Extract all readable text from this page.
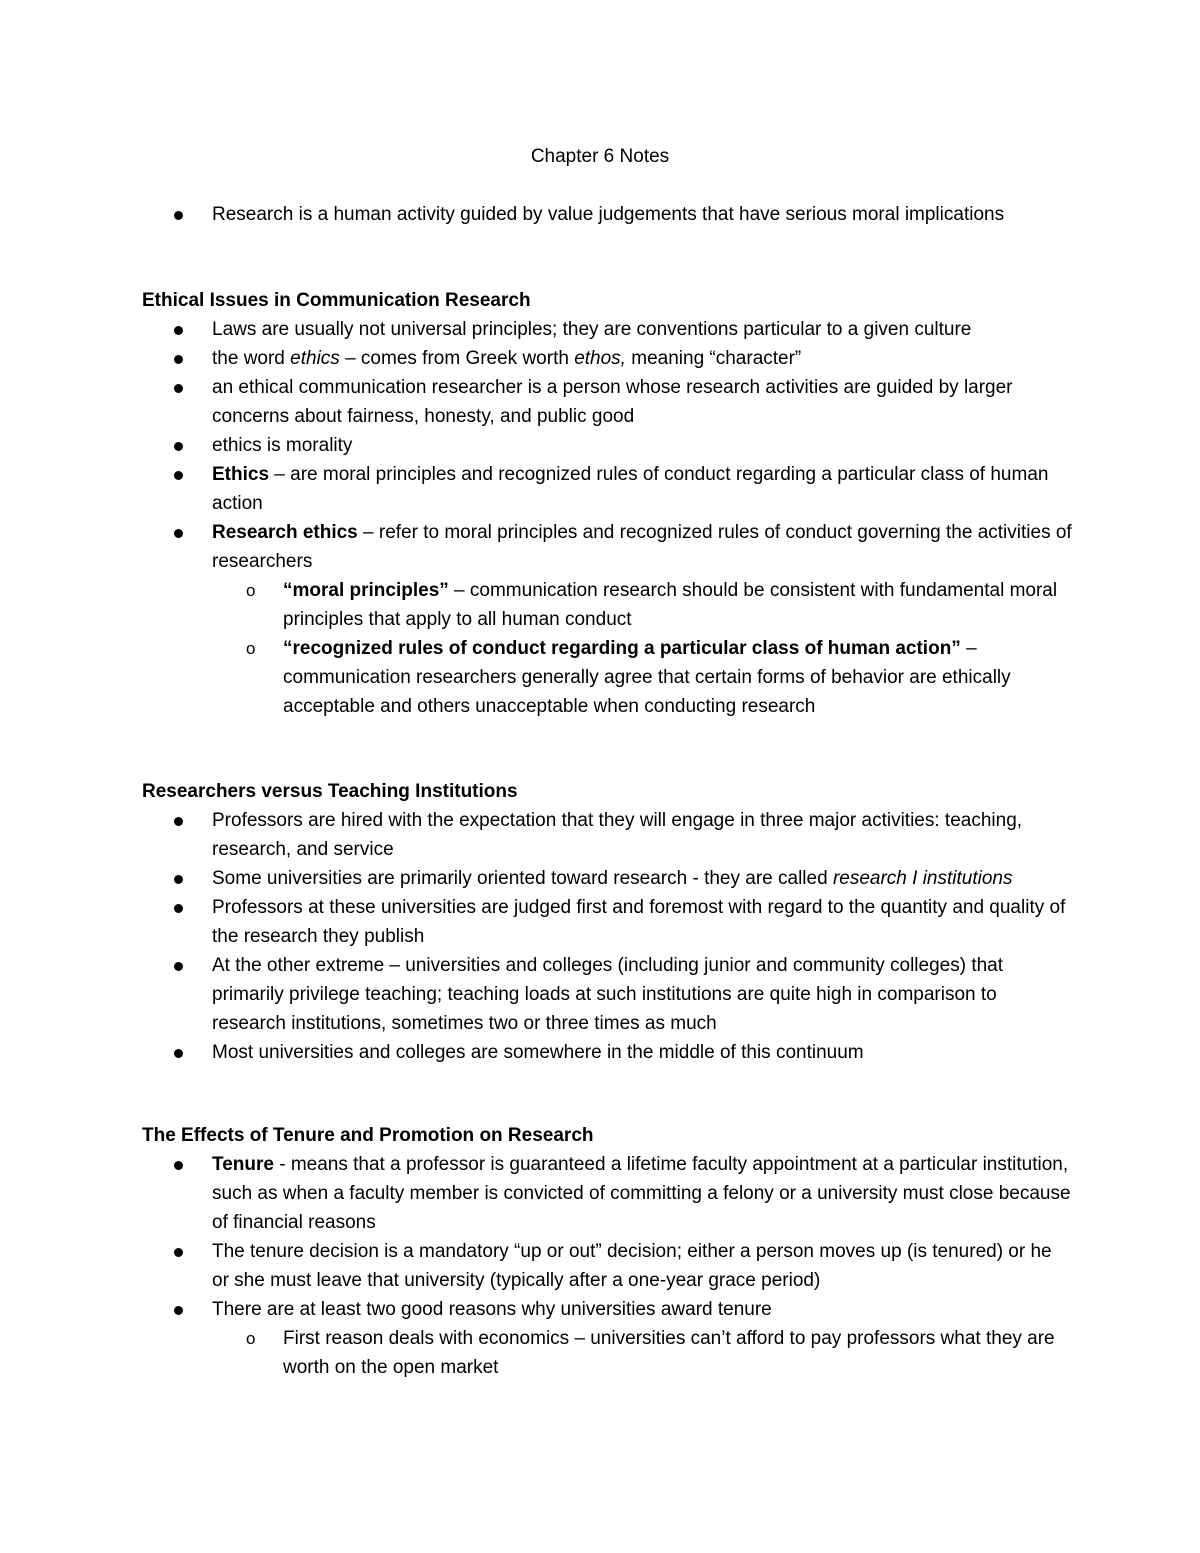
Chapter 6 Notes
Research is a human activity guided by value judgements that have serious moral implications
Ethical Issues in Communication Research
Laws are usually not universal principles; they are conventions particular to a given culture
the word ethics – comes from Greek worth ethos, meaning “character”
an ethical communication researcher is a person whose research activities are guided by larger concerns about fairness, honesty, and public good
ethics is morality
Ethics – are moral principles and recognized rules of conduct regarding a particular class of human action
Research ethics – refer to moral principles and recognized rules of conduct governing the activities of researchers
o “moral principles” – communication research should be consistent with fundamental moral principles that apply to all human conduct
o “recognized rules of conduct regarding a particular class of human action” – communication researchers generally agree that certain forms of behavior are ethically acceptable and others unacceptable when conducting research
Researchers versus Teaching Institutions
Professors are hired with the expectation that they will engage in three major activities: teaching, research, and service
Some universities are primarily oriented toward research - they are called research I institutions
Professors at these universities are judged first and foremost with regard to the quantity and quality of the research they publish
At the other extreme – universities and colleges (including junior and community colleges) that primarily privilege teaching; teaching loads at such institutions are quite high in comparison to research institutions, sometimes two or three times as much
Most universities and colleges are somewhere in the middle of this continuum
The Effects of Tenure and Promotion on Research
Tenure - means that a professor is guaranteed a lifetime faculty appointment at a particular institution, such as when a faculty member is convicted of committing a felony or a university must close because of financial reasons
The tenure decision is a mandatory “up or out” decision; either a person moves up (is tenured) or he or she must leave that university (typically after a one-year grace period)
There are at least two good reasons why universities award tenure
o First reason deals with economics – universities can’t afford to pay professors what they are worth on the open market
